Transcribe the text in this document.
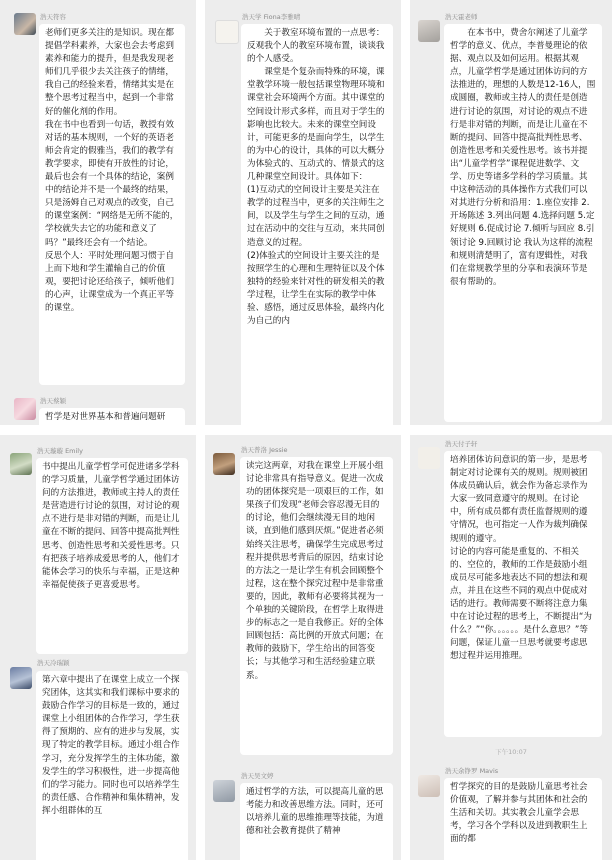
浩天符容

老师们更多关注的是知识。现在都提倡学科素养，大家也会去考虑到素养和能力的提升，但是我发现老师们几乎很少去关注孩子的情绪，我自己的经验来看，情绪其实是在整个思考过程当中，起到一个非常好的催化剂的作用。

我在书中也看到一句话，教授有效对话的基本规则，一个好的英语老师会肯定的假雅当，我们的教学有教学要求，即使有开放性的讨论，最后也会有一个具体的结论，案例中的结论并不是一个最终的结果，只是汤姆自己对观点的改变，自己的课堂案例：“网络是无所不能的，学校就失去它的功能和意义了吗？”最终还会有一个结论。

反思个人：平时处理问题习惯于自上而下地和学生灌输自己的价值观，要把讨论还给孩子，倾听他们的心声，让课堂成为一个真正平等的课堂。

浩天蔡颖

哲学是对世界基本和普遍问题研

浩天学 Fiona李雅晴

关于教室环境布置的一点思考：反观我个人的教室环境布置，谈谈我的个人感受。

课堂是个复杂而特殊的环境，课堂教学环境一般包括课堂物理环境和课堂社会环境两个方面。其中课堂的空间设计形式多样，而且对于学生的影响也比较大。未来的课堂空间设计，可能更多的是面向学生，以学生的为中心的设计，具体的可以大概分为体验式的、互动式的、情景式的这几种课堂空间设计。具体如下：

(1)互动式的空间设计主要是关注在教学的过程当中，更多的关注师生之间，以及学生与学生之间的互动，通过在活动中的交往与互动，来共同创造意义的过程。

(2)体验式的空间设计主要关注的是按照学生的心理和生理特征以及个体独特的经验来针对性的研发相关的教学过程，让学生在实际的教学中体验、感悟，通过反思体验，最终内化为自己的内

浩天霍老师

在本书中，费舍尔阐述了儿童学哲学的意义、优点，李普曼理论的依据、观点以及如何运用。根据其观点，儿童学哲学是通过团体访问的方法推进的，理想的人数是12-16人，围成圆圈，教师或主持人的责任是创造进行讨论的氛围，对讨论的观点不进行是非对错的判断，而是让儿童在不断的提问、回答中提高批判性思考、创造性思考和关爱性思考。该书并提出“儿童学哲学”课程促进数学、文学、历史等诸多学科的学习质量。其中这种活动的具体操作方式我们可以对其进行分析和沿用：1.座位安排 2.开场陈述 3.列出问题 4.选择问题 5.定好规则 6.促成讨论 7.倾听与回应 8.引领讨论 9.回顾讨论 我认为这样的流程和规则清楚明了，富有逻辑性，对我们在常规教学里的分享和表演环节是很有帮助的。

浩天璇璇 Emily

书中提出儿童学哲学可促进诸多学科的学习质量，儿童学哲学通过团体访问的方法推进，教师或主持人的责任是营造进行讨论的氛围，对讨论的观点不进行是非对错的判断，而是让儿童在不断的提问、回答中提高批判性思考、创造性思考和关爱性思考。只有把孩子培养成爱思考的人，他们才能体会学习的快乐与幸福，正是这种幸福促使孩子更喜爱思考。

浩天冷瑞颖

第六章中提出了在课堂上成立一个探究团体，这其实和我们课标中要求的鼓励合作学习的目标是一致的，通过课堂上小组团体的合作学习，学生获得了预期的、应有的进步与发展，实现了特定的教学目标。通过小组合作学习，充分发挥学生的主体功能，激发学生的学习积极性，进一步提高他们的学习能力。同时也可以培养学生的责任感、合作精神和集体精神，发挥小组群体的互

浩天普洛 Jessie

读完这两章，对我在课堂上开展小组讨论非常具有指导意义。促进一次成功的团体探究是一项艰巨的工作，如果孩子们发现“老师会容忍漫无目的的讨论，他们会继续漫无目的地闲谈，直到他们感到厌烦。”促进者必须始终关注思考，确保学生完成思考过程并提供思考背后的原因，结束讨论的方法之一是让学生有机会回顾整个过程，这在整个探究过程中是非常重要的，因此，教师有必要将其视为一个单独的关键阶段，在哲学上取得进步的标志之一是自我修正。好的全体回顾包括：高比例的开放式问题；在教师的鼓励下，学生给出的回答变长；与其他学习和生活经验建立联系。

浩天吴文婷

通过哲学的方法，可以提高儿童的思考能力和改善思维方法。同时，还可以培养儿童的思维推理等技能，为道德和社会教育提供了精神

浩天付子轩

培养团体访问意识的第一步，是思考制定对讨论课有关的规则。规则被团体成员确认后，就会作为备忘录作为大家一致同意遵守的规则。在讨论中，所有成员都有责任监督规则的遵守情况，也可指定一人作为裁判确保规则的遵守。

讨论的内容可能是重复的、不相关的、空位的，教师的工作是鼓励小组成员尽可能多地表达不同的想法和观点，并且在这些不同的观点中促成对话的进行。教师需要不断将注意力集中在讨论过程的思考上，不断提出“为什么？”“你。。。。。。是什么意思？”等问题，保证儿童一旦思考就要考虑思想过程并运用推理。

下午10:07
浩天余铮罗 Mavis

哲学探究的目的是鼓励儿童思考社会价值观，了解并参与其团体和社会的生活和关切。其实教会儿童学会思考，学习各个学科以及进到教职生上面的都
